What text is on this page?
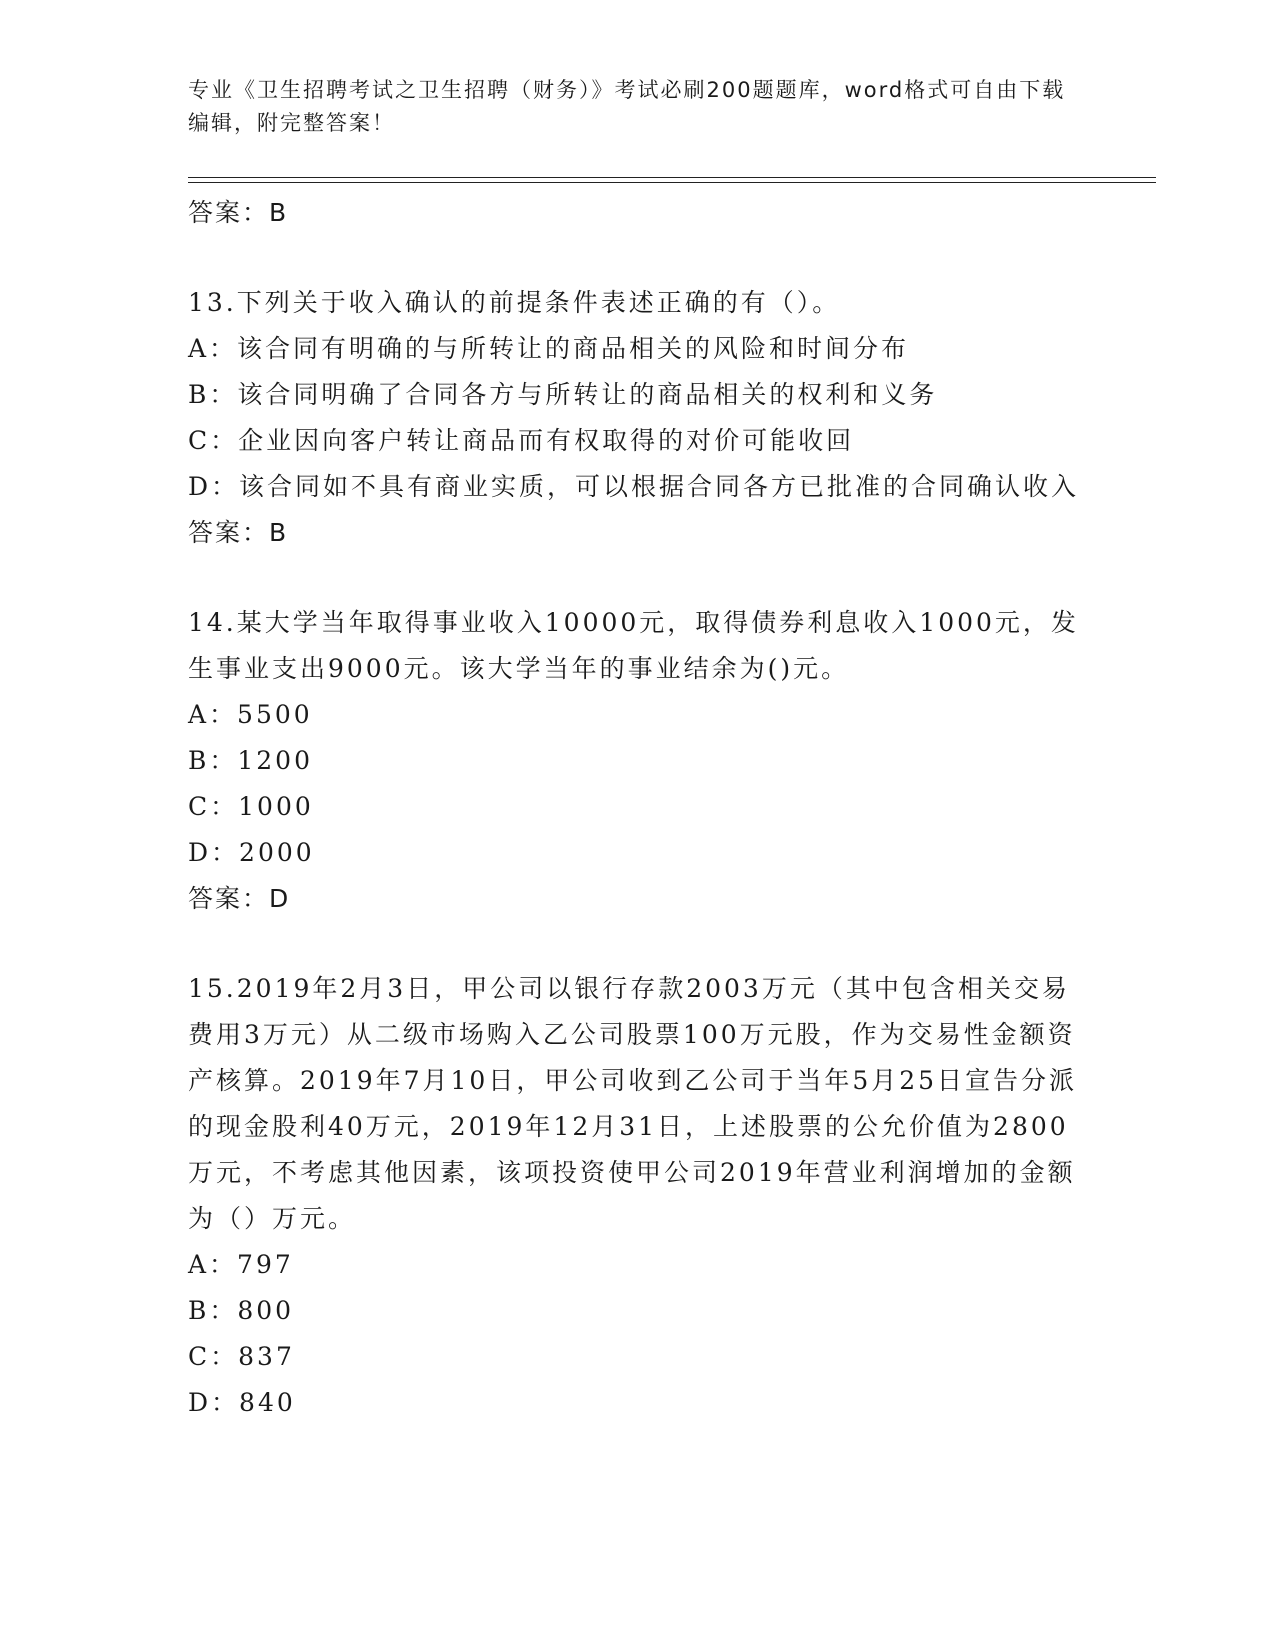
专业《卫生招聘考试之卫生招聘（财务）》考试必刷200题题库，word格式可自由下载编辑，附完整答案！
答案：B
13.下列关于收入确认的前提条件表述正确的有（）。
A：该合同有明确的与所转让的商品相关的风险和时间分布
B：该合同明确了合同各方与所转让的商品相关的权利和义务
C：企业因向客户转让商品而有权取得的对价可能收回
D：该合同如不具有商业实质，可以根据合同各方已批准的合同确认收入
答案：B
14.某大学当年取得事业收入10000元，取得债券利息收入1000元，发生事业支出9000元。该大学当年的事业结余为()元。
A：5500
B：1200
C：1000
D：2000
答案：D
15.2019年2月3日，甲公司以银行存款2003万元（其中包含相关交易费用3万元）从二级市场购入乙公司股票100万元股，作为交易性金额资产核算。2019年7月10日，甲公司收到乙公司于当年5月25日宣告分派的现金股利40万元，2019年12月31日，上述股票的公允价值为2800万元，不考虑其他因素，该项投资使甲公司2019年营业利润增加的金额为（）万元。
A：797
B：800
C：837
D：840
